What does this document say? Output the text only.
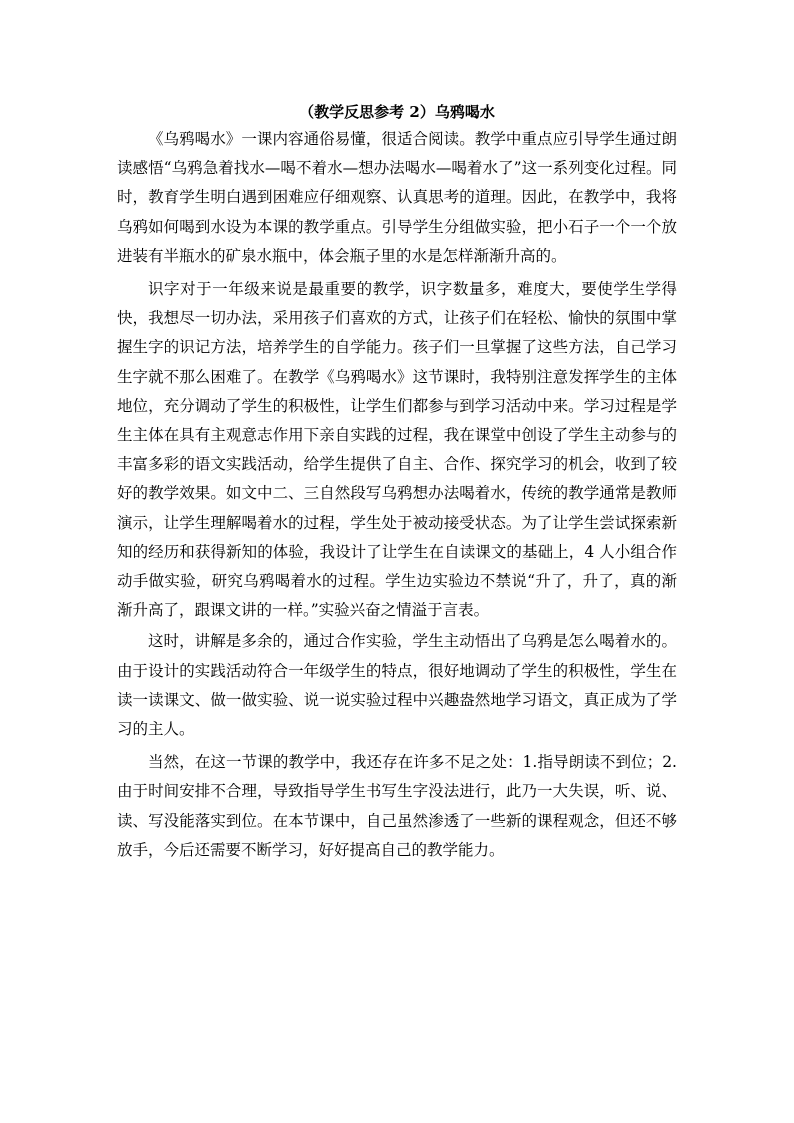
（教学反思参考 2）乌鸦喝水

《乌鸦喝水》一课内容通俗易懂，很适合阅读。教学中重点应引导学生通过朗读感悟“乌鸦急着找水—喝不着水—想办法喝水—喝着水了”这一系列变化过程。同时，教育学生明白遇到困难应仔细观察、认真思考的道理。因此，在教学中，我将乌鸦如何喝到水设为本课的教学重点。引导学生分组做实验，把小石子一个一个放进装有半瓶水的矿泉水瓶中，体会瓶子里的水是怎样渐渐升高的。

识字对于一年级来说是最重要的教学，识字数量多，难度大，要使学生学得快，我想尽一切办法，采用孩子们喜欢的方式，让孩子们在轻松、愉快的氛围中掌握生字的识记方法，培养学生的自学能力。孩子们一旦掌握了这些方法，自己学习生字就不那么困难了。在教学《乌鸦喝水》这节课时，我特别注意发挥学生的主体地位，充分调动了学生的积极性，让学生们都参与到学习活动中来。学习过程是学生主体在具有主观意志作用下亲自实践的过程，我在课堂中创设了学生主动参与的丰富多彩的语文实践活动，给学生提供了自主、合作、探究学习的机会，收到了较好的教学效果。如文中二、三自然段写乌鸦想办法喝着水，传统的教学通常是教师演示，让学生理解喝着水的过程，学生处于被动接受状态。为了让学生尝试探索新知的经历和获得新知的体验，我设计了让学生在自读课文的基础上，4 人小组合作动手做实验，研究乌鸦喝着水的过程。学生边实验边不禁说“升了，升了，真的渐渐升高了，跟课文讲的一样。”实验兴奋之情溢于言表。

这时，讲解是多余的，通过合作实验，学生主动悟出了乌鸦是怎么喝着水的。由于设计的实践活动符合一年级学生的特点，很好地调动了学生的积极性，学生在读一读课文、做一做实验、说一说实验过程中兴趣盎然地学习语文，真正成为了学习的主人。

当然，在这一节课的教学中，我还存在许多不足之处：1.指导朗读不到位；2.由于时间安排不合理，导致指导学生书写生字没法进行，此乃一大失误，听、说、读、写没能落实到位。在本节课中，自己虽然渗透了一些新的课程观念，但还不够放手，今后还需要不断学习，好好提高自己的教学能力。
